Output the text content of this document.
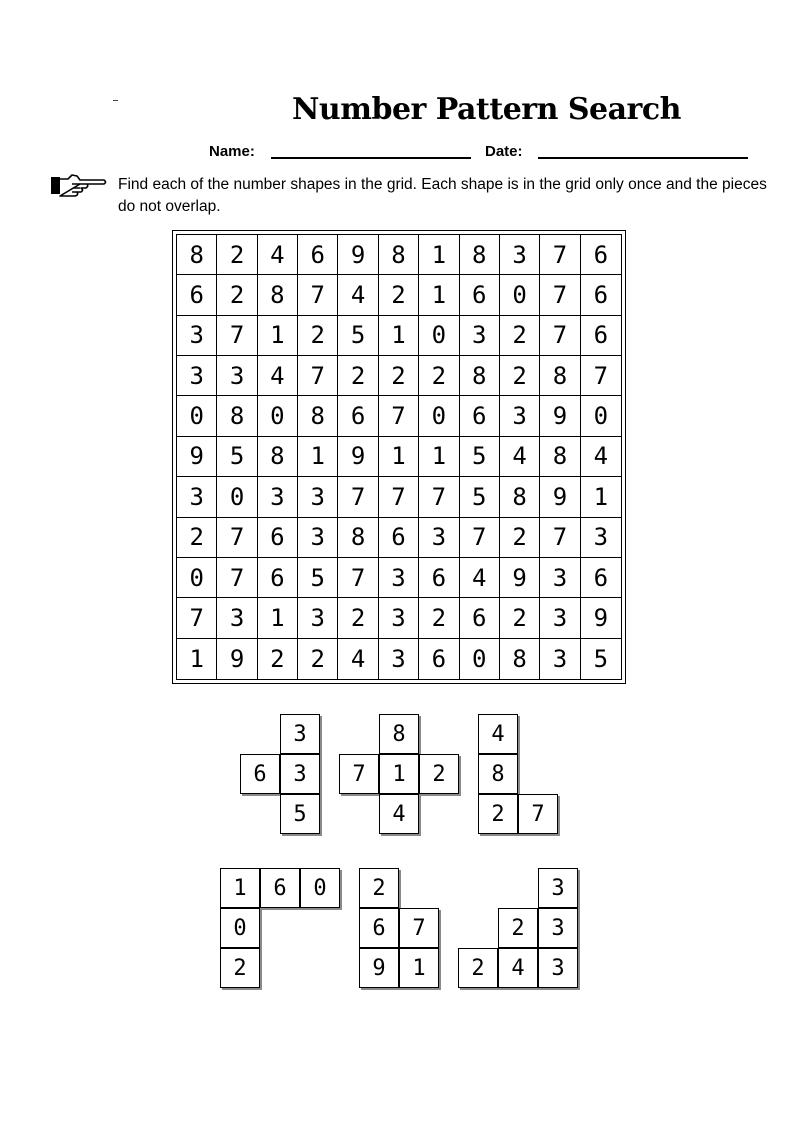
Number Pattern Search
Name:	Date:
Find each of the number shapes in the grid. Each shape is in the grid only once and the pieces do not overlap.
8	2	4	6	9	8	1	8	3	7	6
6	2	8	7	4	2	1	6	0	7	6
3	7	1	2	5	1	0	3	2	7	6
3	3	4	7	2	2	2	8	2	8	7
0	8	0	8	6	7	0	6	3	9	0
9	5	8	1	9	1	1	5	4	8	4
3	0	3	3	7	7	7	5	8	9	1
2	7	6	3	8	6	3	7	2	7	3
0	7	6	5	7	3	6	4	9	3	6
7	3	1	3	2	3	2	6	2	3	9
1	9	2	2	4	3	6	0	8	3	5
3
6	3
5
8
7	1	2
4
4
8
2	7
1	6	0
0
2
2
6	7
9	1
3
2	3
2	4	3
